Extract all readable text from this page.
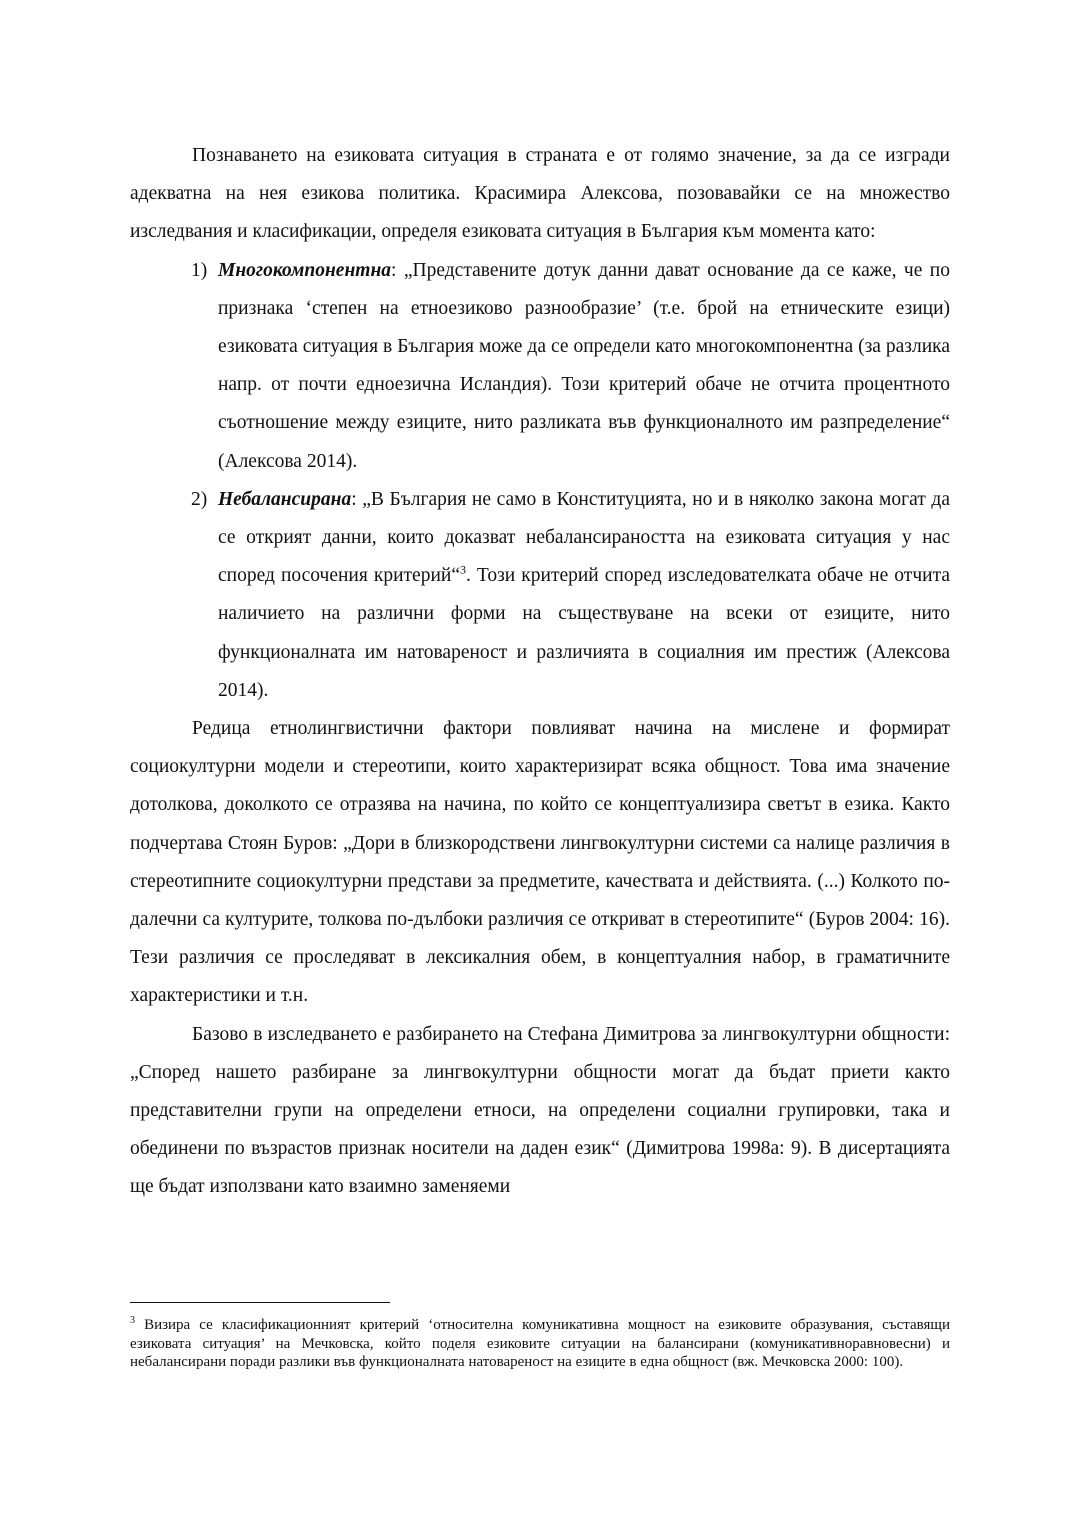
Познаването на езиковата ситуация в страната е от голямо значение, за да се изгради адекватна на нея езикова политика. Красимира Алексова, позовавайки се на множество изследвания и класификации, определя езиковата ситуация в България към момента като:

1) Многокомпонентна: „Представените дотук данни дават основание да се каже, че по признака ‘степен на етноезиково разнообразие’ (т.е. брой на етническите езици) езиковата ситуация в България може да се определи като многокомпонентна (за разлика напр. от почти едноезична Исландия). Този критерий обаче не отчита процентното съотношение между езиците, нито разликата във функционалното им разпределение“ (Алексова 2014).
2) Небалансирана: „В България не само в Конституцията, но и в няколко закона могат да се открият данни, които доказват небалансираността на езиковата ситуация у нас според посочения критерий“$^3$. Този критерий според изследователката обаче не отчита наличието на различни форми на съществуване на всеки от езиците, нито функционалната им натовареност и различията в социалния им престиж (Алексова 2014).

Редица етнолингвистични фактори повлияват начина на мислене и формират социокултурни модели и стереотипи, които характеризират всяка общност. Това има значение дотолкова, доколкото се отразява на начина, по който се концептуализира светът в езика. Както подчертава Стоян Буров: „Дори в близкородствени лингвокултурни системи са налице различия в стереотипните социокултурни представи за предметите, качествата и действията. (...) Колкото по-далечни са културите, толкова по-дълбоки различия се откриват в стереотипите“ (Буров 2004: 16). Тези различия се проследяват в лексикалния обем, в концептуалния набор, в граматичните характеристики и т.н.

Базово в изследването е разбирането на Стефана Димитрова за лингвокултурни общности: „Според нашето разбиране за лингвокултурни общности могат да бъдат приети както представителни групи на определени етноси, на определени социални групировки, така и обединени по възрастов признак носители на даден език“ (Димитрова 1998а: 9). В дисертацията ще бъдат използвани като взаимно заменяеми

$^3$ Визира се класификационният критерий ‘относителна комуникативна мощност на езиковите образувания, съставящи езиковата ситуация’ на Мечковска, който поделя езиковите ситуации на балансирани (комуникативноравновесни) и небалансирани поради разлики във функционалната натовареност на езиците в една общност (вж. Мечковска 2000: 100).
